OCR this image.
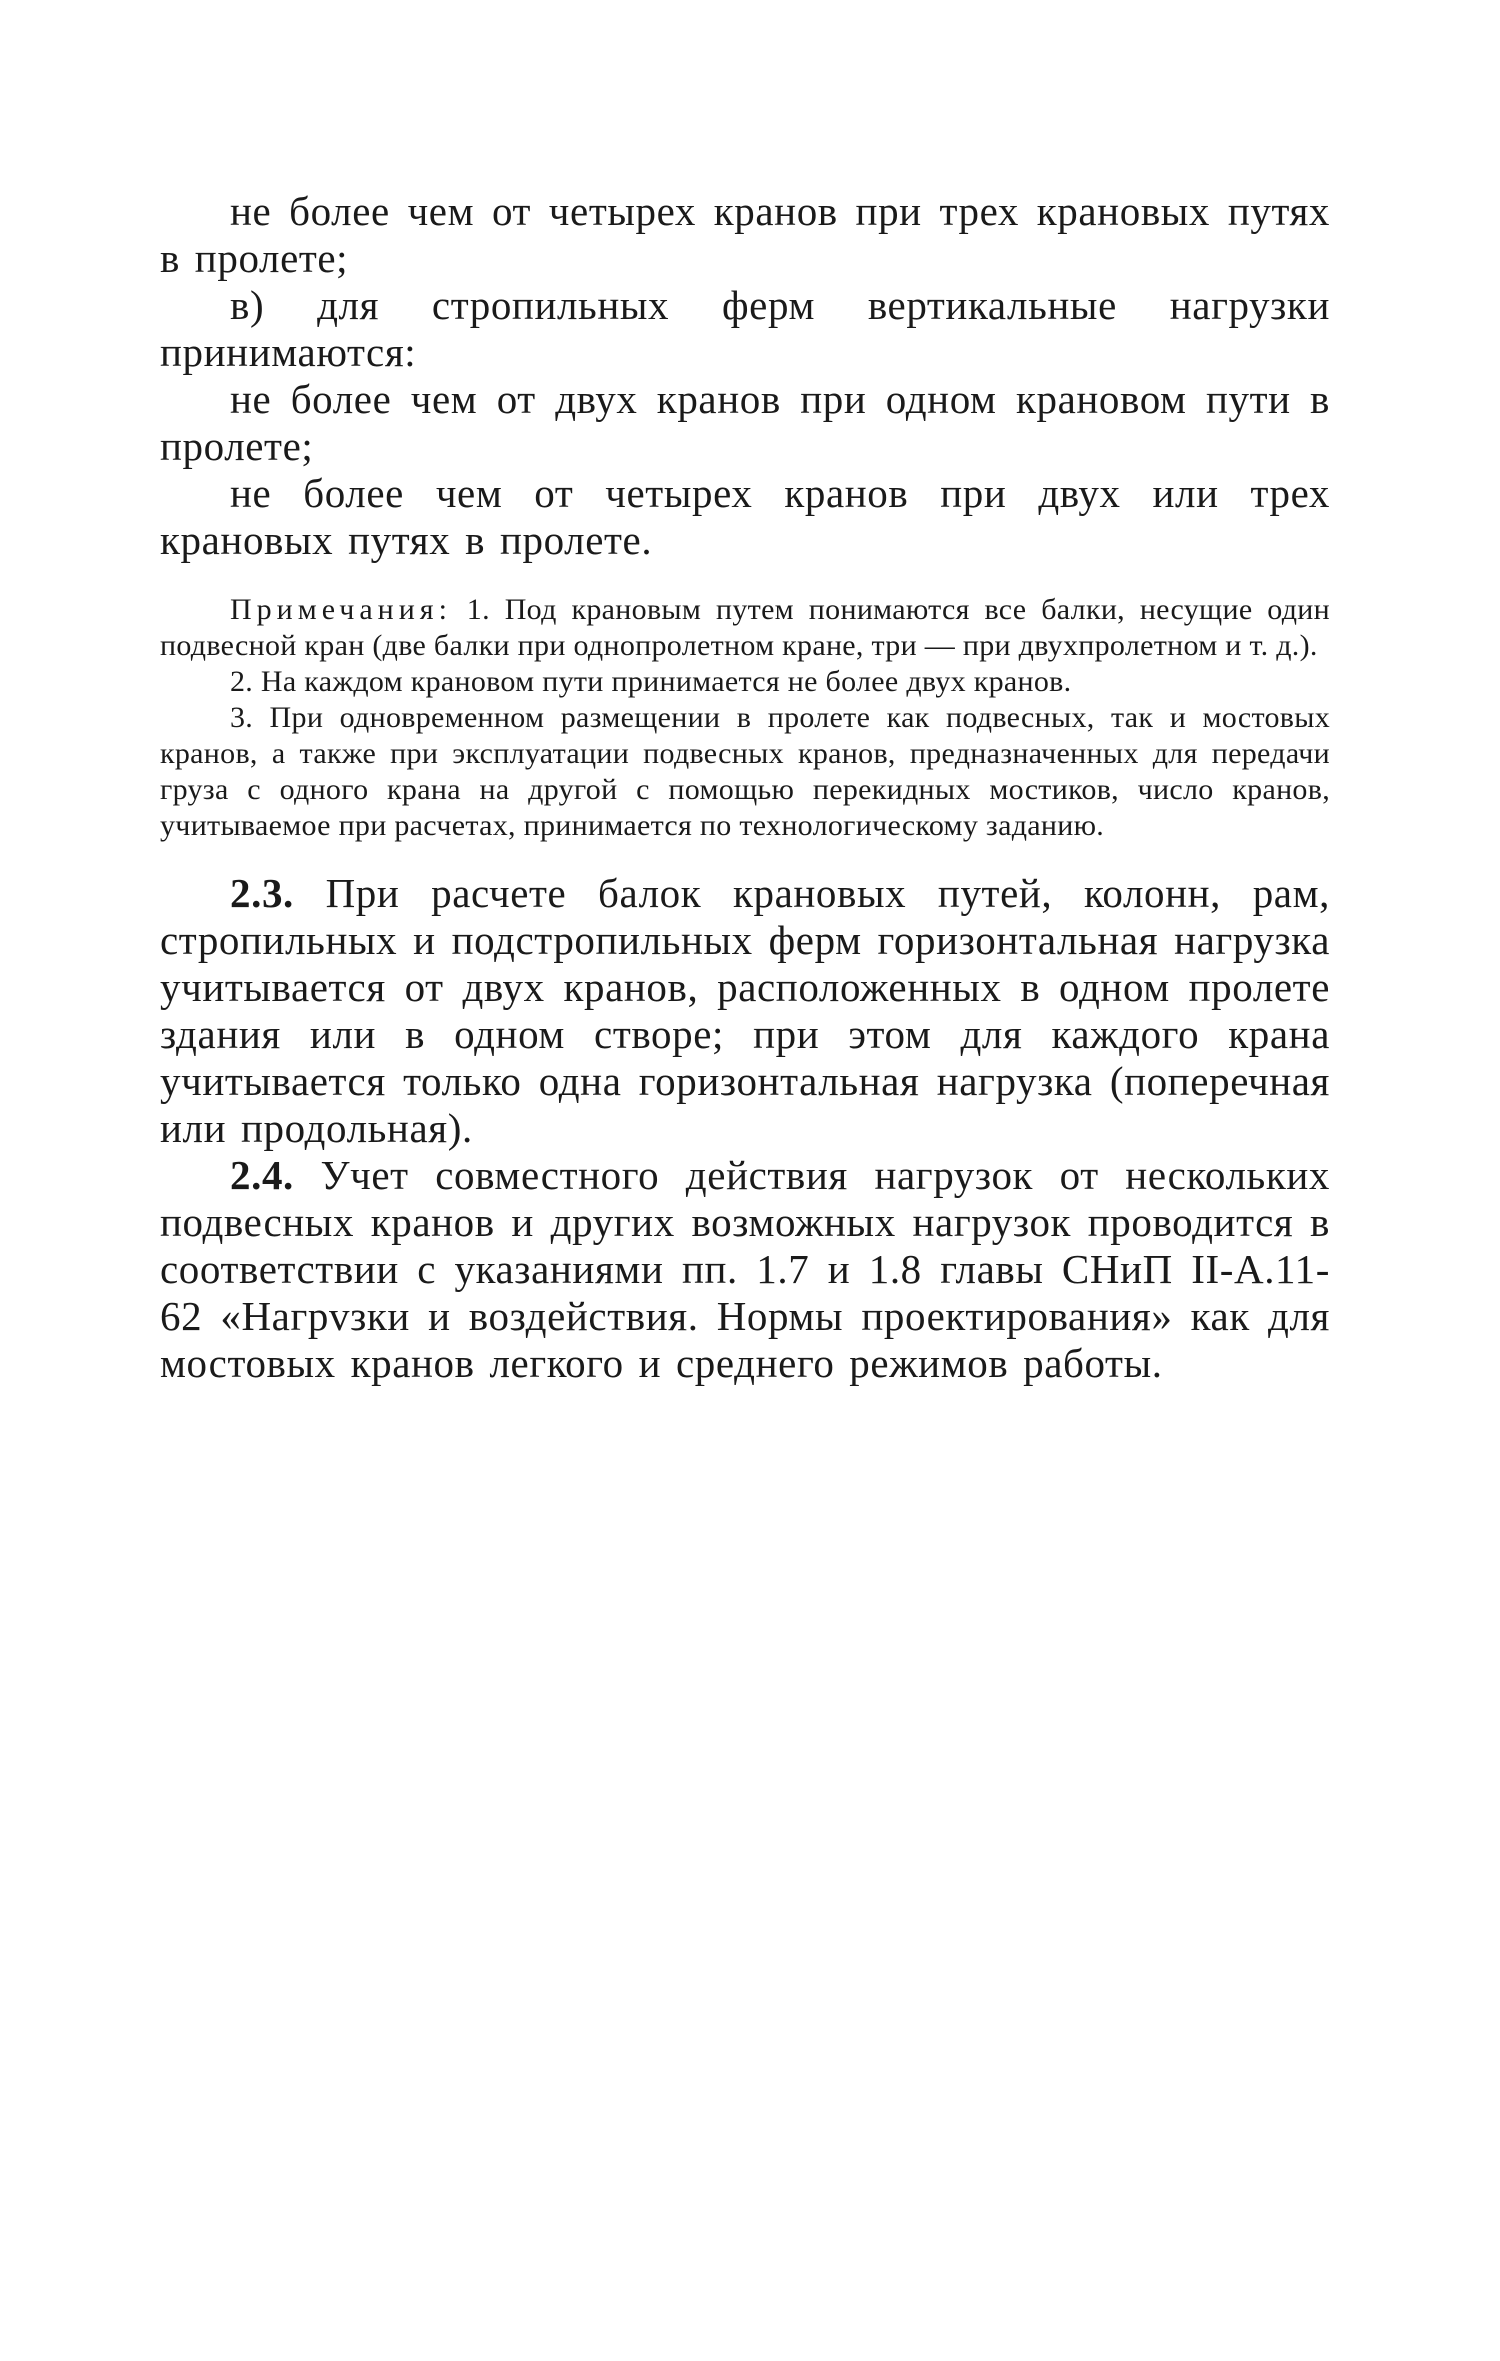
не более чем от четырех кранов при трех крановых путях в пролете;

в) для стропильных ферм вертикальные нагрузки принимаются:

не более чем от двух кранов при одном крановом пути в пролете;

не более чем от четырех кранов при двух или трех крановых путях в пролете.

Примечания: 1. Под крановым путем понимаются все балки, несущие один подвесной кран (две балки при однопролетном кране, три — при двухпролетном и т. д.).

2. На каждом крановом пути принимается не более двух кранов.

3. При одновременном размещении в пролете как подвесных, так и мостовых кранов, а также при эксплуатации подвесных кранов, предназначенных для передачи груза с одного крана на другой с помощью перекидных мостиков, число кранов, учитываемое при расчетах, принимается по технологическому заданию.

2.3. При расчете балок крановых путей, колонн, рам, стропильных и подстропильных ферм горизонтальная нагрузка учитывается от двух кранов, расположенных в одном пролете здания или в одном створе; при этом для каждого крана учитывается только одна горизонтальная нагрузка (поперечная или продольная).

2.4. Учет совместного действия нагрузок от нескольких подвесных кранов и других возможных нагрузок проводится в соответствии с указаниями пп. 1.7 и 1.8 главы СНиП II-А.11-62 «Нагрvзки и воздействия. Нормы проектирования» как для мостовых кранов легкого и среднего режимов работы.
